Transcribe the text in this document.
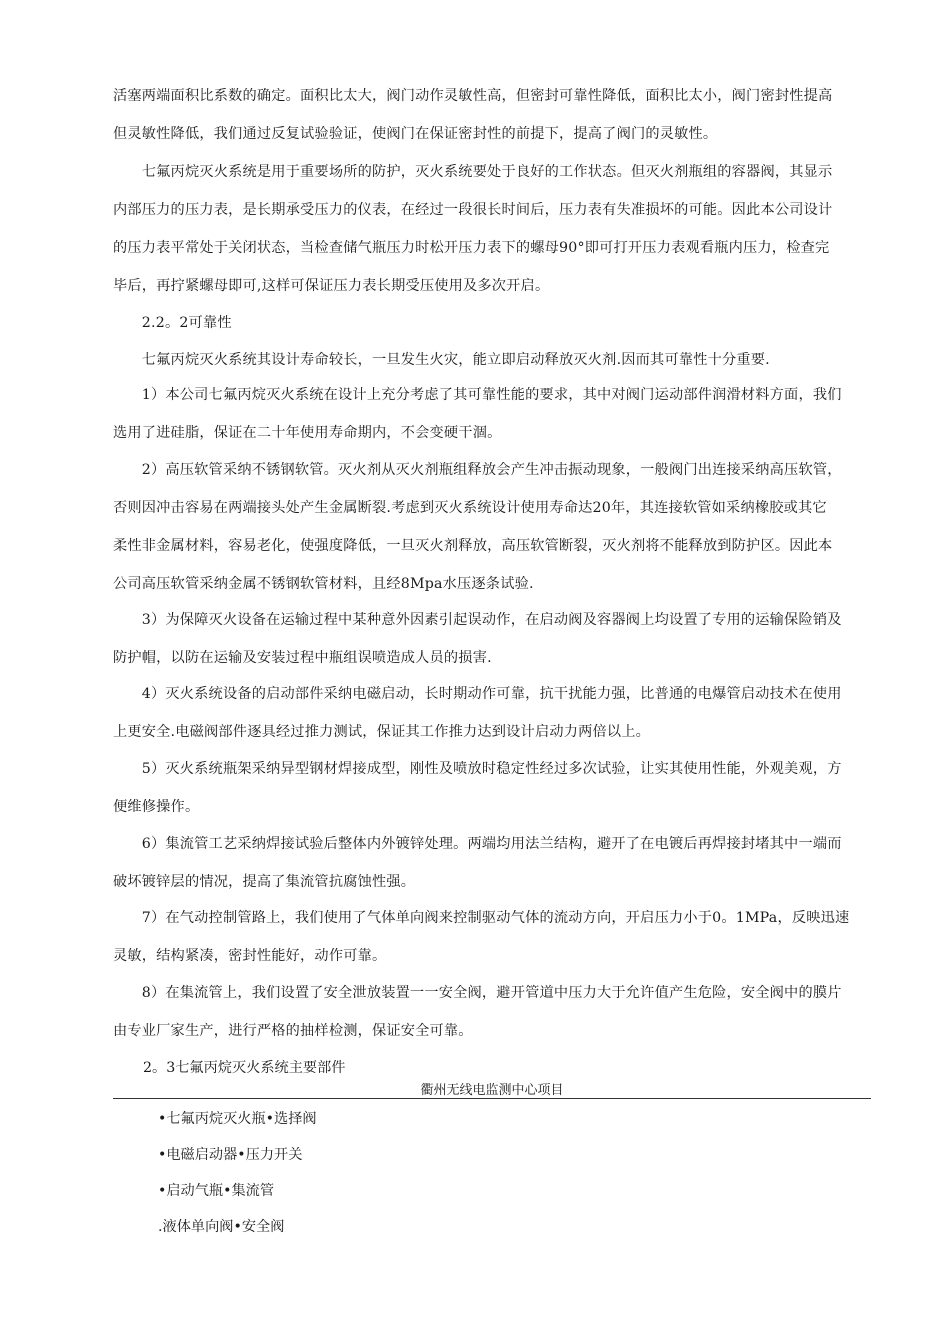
活塞两端面积比系数的确定。面积比太大，阀门动作灵敏性高，但密封可靠性降低，面积比太小，阀门密封性提高
但灵敏性降低，我们通过反复试验验证，使阀门在保证密封性的前提下，提高了阀门的灵敏性。
　　七氟丙烷灭火系统是用于重要场所的防护，灭火系统要处于良好的工作状态。但灭火剂瓶组的容器阀，其显示
内部压力的压力表，是长期承受压力的仪表，在经过一段很长时间后，压力表有失准损坏的可能。因此本公司设计
的压力表平常处于关闭状态，当检查储气瓶压力时松开压力表下的螺母90°即可打开压力表观看瓶内压力，检查完
毕后，再拧紧螺母即可,这样可保证压力表长期受压使用及多次开启。
　　2.2。2可靠性
　　七氟丙烷灭火系统其设计寿命较长，一旦发生火灾，能立即启动释放灭火剂.因而其可靠性十分重要.
　　1）本公司七氟丙烷灭火系统在设计上充分考虑了其可靠性能的要求，其中对阀门运动部件润滑材料方面，我们
选用了进硅脂，保证在二十年使用寿命期内，不会变硬干涸。
　　2）高压软管采纳不锈钢软管。灭火剂从灭火剂瓶组释放会产生冲击振动现象，一般阀门出连接采纳高压软管，
否则因冲击容易在两端接头处产生金属断裂.考虑到灭火系统设计使用寿命达20年，其连接软管如采纳橡胶或其它
柔性非金属材料，容易老化，使强度降低，一旦灭火剂释放，高压软管断裂，灭火剂将不能释放到防护区。因此本
公司高压软管采纳金属不锈钢软管材料，且经8Mpa水压逐条试验.
　　3）为保障灭火设备在运输过程中某种意外因素引起误动作，在启动阀及容器阀上均设置了专用的运输保险销及
防护帽，以防在运输及安装过程中瓶组误喷造成人员的损害.
　　4）灭火系统设备的启动部件采纳电磁启动，长时期动作可靠，抗干扰能力强，比普通的电爆管启动技术在使用
上更安全.电磁阀部件逐具经过推力测试，保证其工作推力达到设计启动力两倍以上。
　　5）灭火系统瓶架采纳异型钢材焊接成型，刚性及喷放时稳定性经过多次试验，让实其使用性能，外观美观，方
便维修操作。
　　6）集流管工艺采纳焊接试验后整体内外镀锌处理。两端均用法兰结构，避开了在电镀后再焊接封堵其中一端而
破坏镀锌层的情况，提高了集流管抗腐蚀性强。
　　7）在气动控制管路上，我们使用了气体单向阀来控制驱动气体的流动方向，开启压力小于0。1MPa，反映迅速
灵敏，结构紧凑，密封性能好，动作可靠。
　　8）在集流管上，我们设置了安全泄放装置一一安全阀，避开管道中压力大于允许值产生危险，安全阀中的膜片
由专业厂家生产，进行严格的抽样检测，保证安全可靠。
2。3七氟丙烷灭火系统主要部件
衢州无线电监测中心项目
•七氟丙烷灭火瓶•选择阀
•电磁启动器•压力开关
•启动气瓶•集流管
.液体单向阀•安全阀
